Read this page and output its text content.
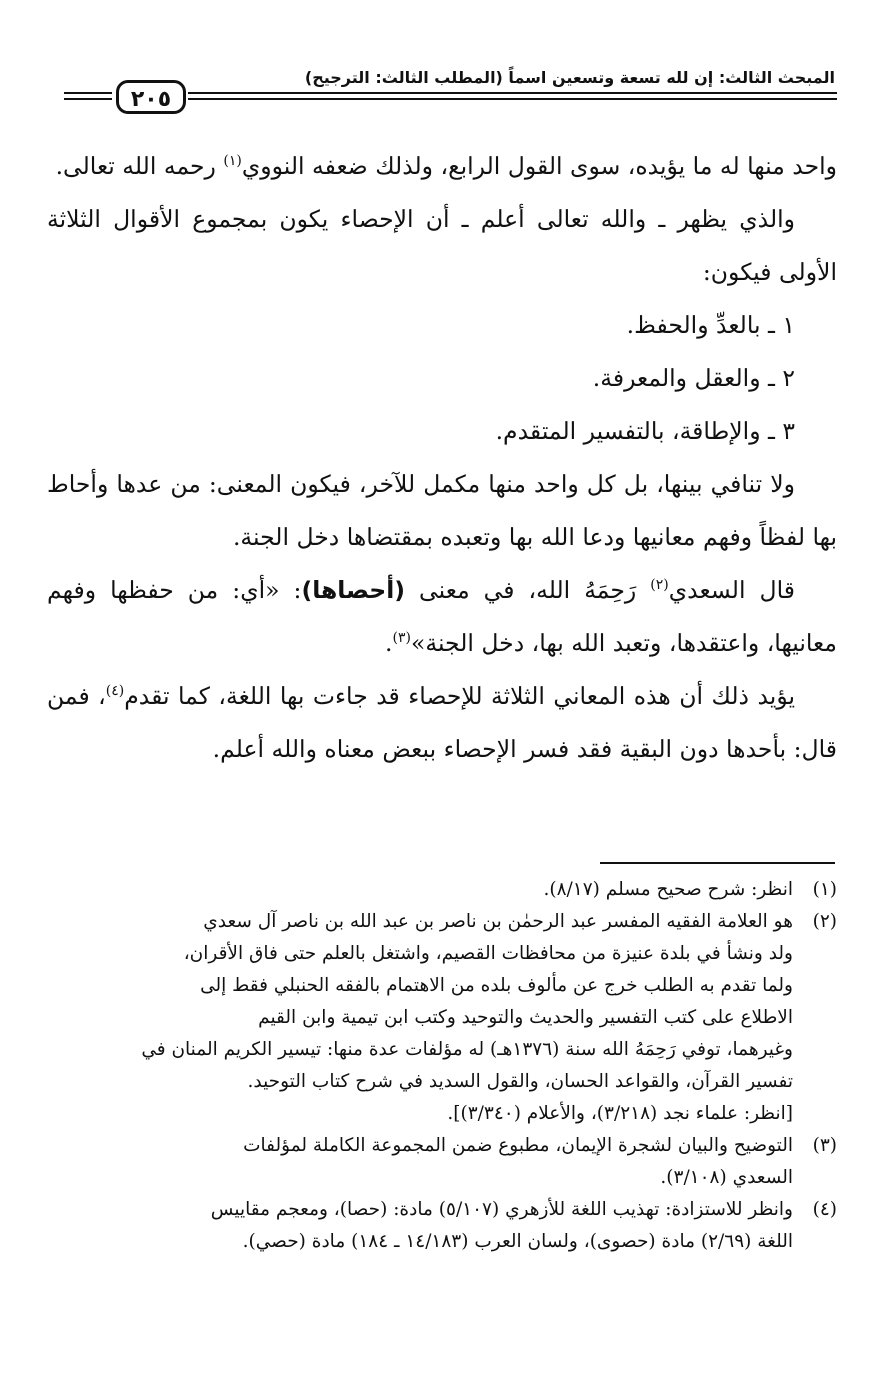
المبحث الثالث: إن لله تسعة وتسعين اسماً (المطلب الثالث: الترجيح)
٢٠٥

واحد منها له ما يؤيده، سوى القول الرابع، ولذلك ضعفه النووي$^{(١)}$ رحمه الله تعالى.

والذي يظهر ـ والله تعالى أعلم ـ أن الإحصاء يكون بمجموع الأقوال الثلاثة الأولى فيكون:

١ ـ بالعدِّ والحفظ.

٢ ـ والعقل والمعرفة.

٣ ـ والإطاقة، بالتفسير المتقدم.

ولا تنافي بينها، بل كل واحد منها مكمل للآخر، فيكون المعنى: من عدها وأحاط بها لفظاً وفهم معانيها ودعا الله بها وتعبده بمقتضاها دخل الجنة.

قال السعدي$^{(٢)}$ رَحِمَهُ الله، في معنى (أحصاها): «أي: من حفظها وفهم معانيها، واعتقدها، وتعبد الله بها، دخل الجنة»$^{(٣)}$.

يؤيد ذلك أن هذه المعاني الثلاثة للإحصاء قد جاءت بها اللغة، كما تقدم$^{(٤)}$، فمن قال: بأحدها دون البقية فقد فسر الإحصاء ببعض معناه والله أعلم.

(١)
انظر: شرح صحيح مسلم (٨/١٧).
(٢)
هو العلامة الفقيه المفسر عبد الرحمٰن بن ناصر بن عبد الله بن ناصر آل سعدي
ولد ونشأ في بلدة عنيزة من محافظات القصيم، واشتغل بالعلم حتى فاق الأقران،
ولما تقدم به الطلب خرج عن مألوف بلده من الاهتمام بالفقه الحنبلي فقط إلى
الاطلاع على كتب التفسير والحديث والتوحيد وكتب ابن تيمية وابن القيم
وغيرهما، توفي رَحِمَهُ الله سنة (١٣٧٦هـ) له مؤلفات عدة منها: تيسير الكريم المنان في
تفسير القرآن، والقواعد الحسان، والقول السديد في شرح كتاب التوحيد.
[انظر: علماء نجد (٣/٢١٨)، والأعلام (٣/٣٤٠)].
(٣)
التوضيح والبيان لشجرة الإيمان، مطبوع ضمن المجموعة الكاملة لمؤلفات
السعدي (٣/١٠٨).
(٤)
وانظر للاستزادة: تهذيب اللغة للأزهري (٥/١٠٧) مادة: (حصا)، ومعجم مقاييس
اللغة (٢/٦٩) مادة (حصوى)، ولسان العرب (١٤/١٨٣ ـ ١٨٤) مادة (حصي).
